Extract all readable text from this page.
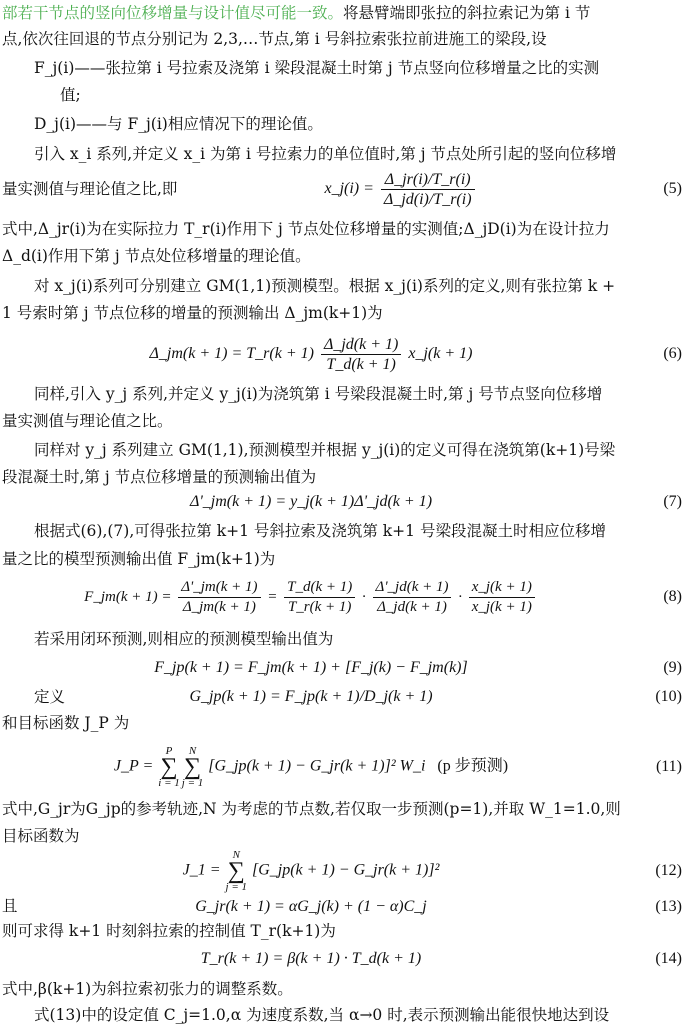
部若干节点的竖向位移增量与设计值尽可能一致。将悬臂端即张拉的斜拉索记为第 i 节
点,依次往回退的节点分别记为 2,3,…节点,第 i 号斜拉索张拉前进施工的梁段,设
F_j(i)——张拉第 i 号拉索及浇第 i 梁段混凝土时第 j 节点竖向位移增量之比的实测
值;
D_j(i)——与 F_j(i)相应情况下的理论值。
引入 x_i 系列,并定义 x_i 为第 i 号拉索力的单位值时,第 j 节点处所引起的竖向位移增
量实测值与理论值之比,即	x_j(i) = $\frac{\Delta\_jr(i)/T\_r(i)}{\Delta\_jd(i)/T\_r(i)}$	(5)
式中,Δ_jr(i)为在实际拉力 T_r(i)作用下 j 节点处位移增量的实测值;Δ_jD(i)为在设计拉力
Δ_d(i)作用下第 j 节点处位移增量的理论值。
对 x_j(i)系列可分别建立 GM(1,1)预测模型。根据 x_j(i)系列的定义,则有张拉第 k +
1 号索时第 j 节点位移的增量的预测输出 Δ_jm(k+1)为
Δ_jm(k + 1) = T_r(k + $1) \frac{\Delta\_jd(k + 1)}{T\_d(k + 1)}$ x_j(k + 1)	(6)
同样,引入 y_j 系列,并定义 y_j(i)为浇筑第 i 号梁段混凝土时,第 j 号节点竖向位移增
量实测值与理论值之比。
同样对 y_j 系列建立 GM(1,1),预测模型并根据 y_j(i)的定义可得在浇筑第(k+1)号梁
段混凝土时,第 j 节点位移增量的预测输出值为
Δ'_jm(k + 1) = y_j(k + 1)Δ'_jd(k + 1)	(7)
根据式(6),(7),可得张拉第 k+1 号斜拉索及浇筑第 k+1 号梁段混凝土时相应位移增
量之比的模型预测输出值 F_jm(k+1)为
F_jm(k + $1) = \frac{\Delta'\_jm(k + 1)}{\Delta\_jm(k + 1)} = \frac{T\_d(k + 1)}{T\_r(k + 1)} \cdot \frac{\Delta'\_jd(k + 1)}{\Delta\_jd(k + 1)} \cdot \frac{x\_j(k + 1)}{x\_j(k + 1)}$	(8)
若采用闭环预测,则相应的预测模型输出值为
F_jp(k + 1) = F_jm(k + 1) + [F_j(k) − F_jm(k)]	(9)
定义	G_jp(k + 1) = F_jp(k + 1)/D_j(k + 1)	(10)
和目标函数 J_P 为
J_P = P
∑
i = 1N
∑
j = 1 [G_jp(k + 1) − G_jr(k + 1)]² W_i (p 步预测)	(11)
式中,G_jr为G_jp的参考轨迹,N 为考虑的节点数,若仅取一步预测(p=1),并取 W_1=1.0,则
目标函数为
J_1 = N
∑
j = 1 [G_jp(k + 1) − G_jr(k + 1)]²	(12)
且	G_jr(k + 1) = αG_j(k) + (1 − α)C_j	(13)
则可求得 k+1 时刻斜拉索的控制值 T_r(k+1)为
T_r(k + 1) = β(k + 1) · T_d(k + 1)	(14)
式中,β(k+1)为斜拉索初张力的调整系数。
式(13)中的设定值 C_j=1.0,α 为速度系数,当 α→0 时,表示预测输出能很快地达到设
